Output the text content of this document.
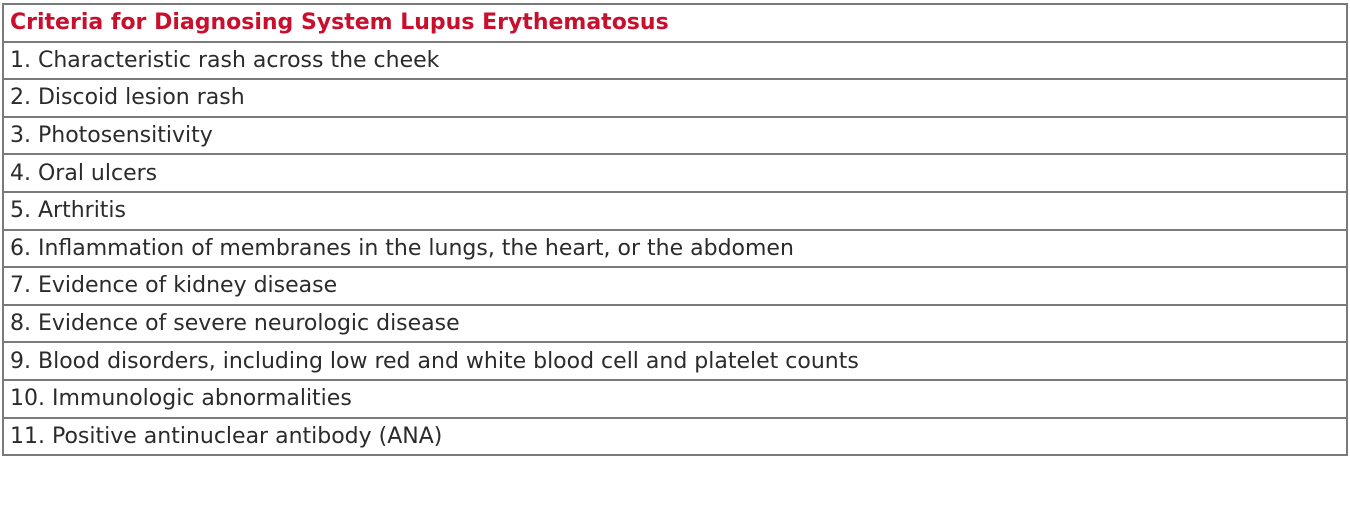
Criteria for Diagnosing System Lupus Erythematosus
1. Characteristic rash across the cheek
2. Discoid lesion rash
3. Photosensitivity
4. Oral ulcers
5. Arthritis
6. Inflammation of membranes in the lungs, the heart, or the abdomen
7. Evidence of kidney disease
8. Evidence of severe neurologic disease
9. Blood disorders, including low red and white blood cell and platelet counts
10. Immunologic abnormalities
11. Positive antinuclear antibody (ANA)
